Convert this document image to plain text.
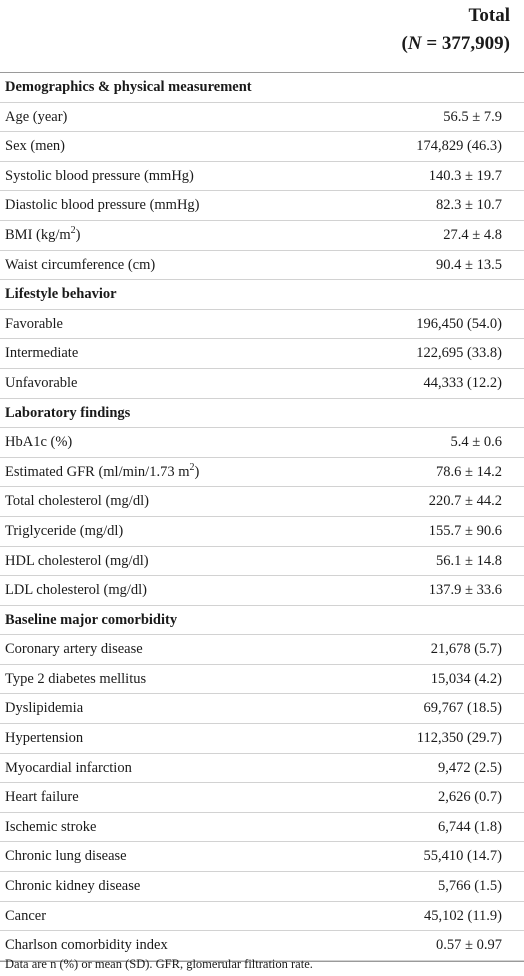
Total
(N = 377,909)
Demographics & physical measurement
Age (year)	56.5 ± 7.9
Sex (men)	174,829 (46.3)
Systolic blood pressure (mmHg)	140.3 ± 19.7
Diastolic blood pressure (mmHg)	82.3 ± 10.7
BMI $(kg/m^2)$	27.4 ± 4.8
Waist circumference (cm)	90.4 ± 13.5
Lifestyle behavior
Favorable	196,450 (54.0)
Intermediate	122,695 (33.8)
Unfavorable	44,333 (12.2)
Laboratory findings
HbA1c (%)	5.4 ± 0.6
Estimated GFR (ml/min/1.73 $m^2$)	78.6 ± 14.2
Total cholesterol (mg/dl)	220.7 ± 44.2
Triglyceride (mg/dl)	155.7 ± 90.6
HDL cholesterol (mg/dl)	56.1 ± 14.8
LDL cholesterol (mg/dl)	137.9 ± 33.6
Baseline major comorbidity
Coronary artery disease	21,678 (5.7)
Type 2 diabetes mellitus	15,034 (4.2)
Dyslipidemia	69,767 (18.5)
Hypertension	112,350 (29.7)
Myocardial infarction	9,472 (2.5)
Heart failure	2,626 (0.7)
Ischemic stroke	6,744 (1.8)
Chronic lung disease	55,410 (14.7)
Chronic kidney disease	5,766 (1.5)
Cancer	45,102 (11.9)
Charlson comorbidity index	0.57 ± 0.97
Data are n (%) or mean (SD). GFR, glomerular filtration rate.
